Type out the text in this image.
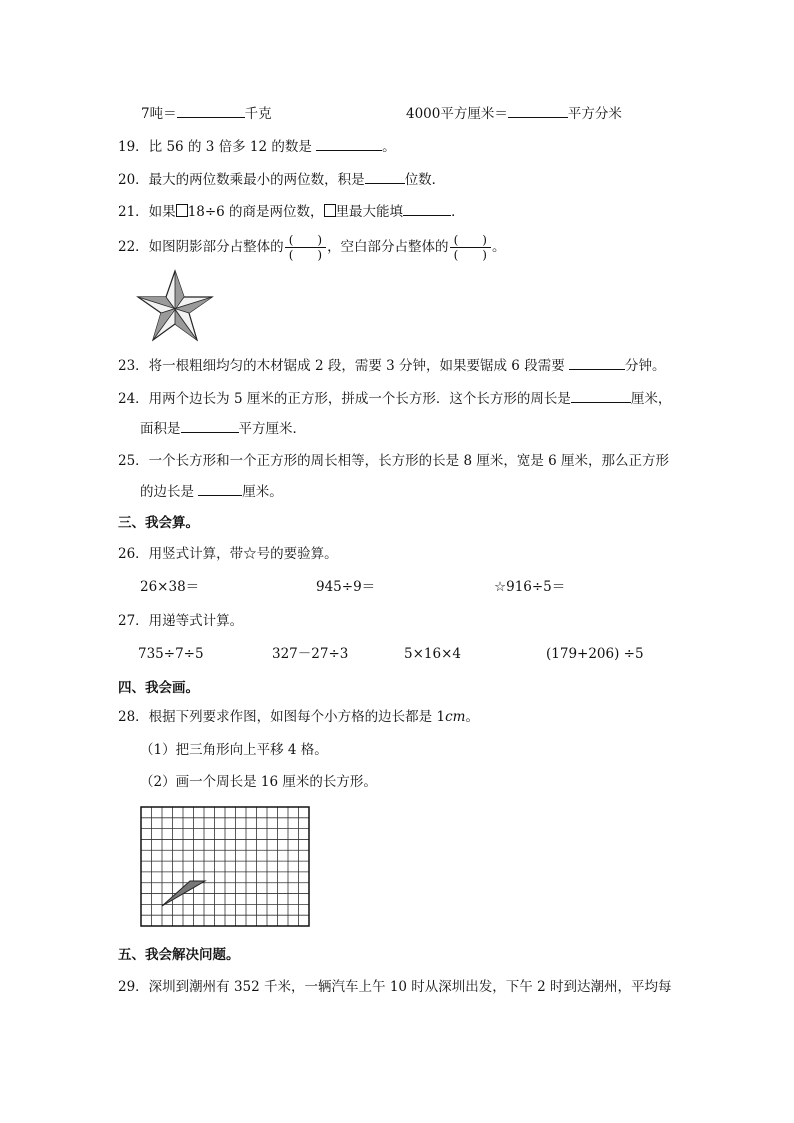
7吨＝	千克	4000平方厘米＝	平方分米
19．比 56 的 3 倍多 12 的数是	。
20．最大的两位数乘最小的两位数，积是	位数．
21．如果 18÷6 的商是两位数， 里最大能填	．
22．如图阴影部分占整体的 $\frac{( )}{( )}$ ，空白部分占整体的 $\frac{( )}{( )}$ 。
23．将一根粗细均匀的木材锯成 2 段，需要 3 分钟，如果要锯成 6 段需要	分钟。
24．用两个边长为 5 厘米的正方形，拼成一个长方形．这个长方形的周长是	厘米，
面积是	平方厘米．
25．一个长方形和一个正方形的周长相等，长方形的长是 8 厘米，宽是 6 厘米，那么正方形
的边长是	厘米。
三、我会算。
26．用竖式计算，带☆号的要验算。
26×38＝	945÷9＝	☆916÷5＝
27．用递等式计算。
735÷7÷5	327－27÷3	5×16×4	(179+206) ÷5
四、我会画。
28．根据下列要求作图，如图每个小方格的边长都是 1cm。
（1）把三角形向上平移 4 格。
（2）画一个周长是 16 厘米的长方形。
五、我会解决问题。
29．深圳到潮州有 352 千米，一辆汽车上午 10 时从深圳出发，下午 2 时到达潮州，平均每
